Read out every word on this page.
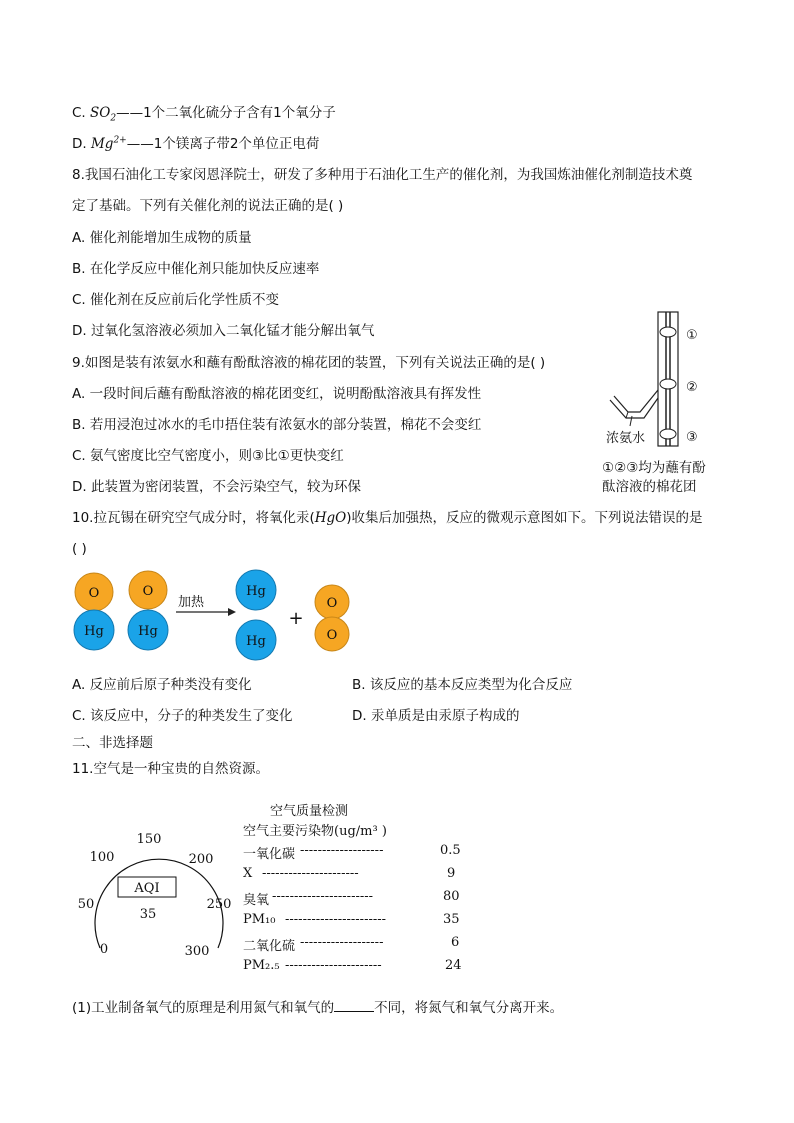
C. $SO_2——1$个二氧化硫分子含有1个氧分子
D. $Mg^{2+}——1$个镁离子带2个单位正电荷
8.我国石油化工专家闵恩泽院士，研发了多种用于石油化工生产的催化剂，为我国炼油催化剂制造技术奠
定了基础。下列有关催化剂的说法正确的是( )
A. 催化剂能增加生成物的质量
B. 在化学反应中催化剂只能加快反应速率
C. 催化剂在反应前后化学性质不变
D. 过氧化氢溶液必须加入二氧化锰才能分解出氧气
9.如图是装有浓氨水和蘸有酚酞溶液的棉花团的装置，下列有关说法正确的是( )
A. 一段时间后蘸有酚酞溶液的棉花团变红，说明酚酞溶液具有挥发性
B. 若用浸泡过冰水的毛巾捂住装有浓氨水的部分装置，棉花不会变红
C. 氨气密度比空气密度小，则③比①更快变红
D. 此装置为密闭装置，不会污染空气，较为环保
①
②
③
浓氨水
①②③均为蘸有酚
酞溶液的棉花团
10.拉瓦锡在研究空气成分时，将氧化汞(HgO)收集后加强热，反应的微观示意图如下。下列说法错误的是
( )
O
Hg
O
Hg
加热
Hg
Hg
+
O
O
A. 反应前后原子种类没有变化	B. 该反应的基本反应类型为化合反应
C. 该反应中，分子的种类发生了变化	D. 汞单质是由汞原子构成的
二、非选择题
11.空气是一种宝贵的自然资源。
AQI
35
0
50
100
150
200
250
300
空气质量检测
空气主要污染物(ug/m³ )
一氧化碳 -------------------	0.5
X ----------------------	9
臭氧 -----------------------	80
PM₁₀ -----------------------	35
二氧化硫 -------------------	6
PM₂.₅ ----------------------	24
(1)工业制备氧气的原理是利用氮气和氧气的	不同，将氮气和氧气分离开来。
